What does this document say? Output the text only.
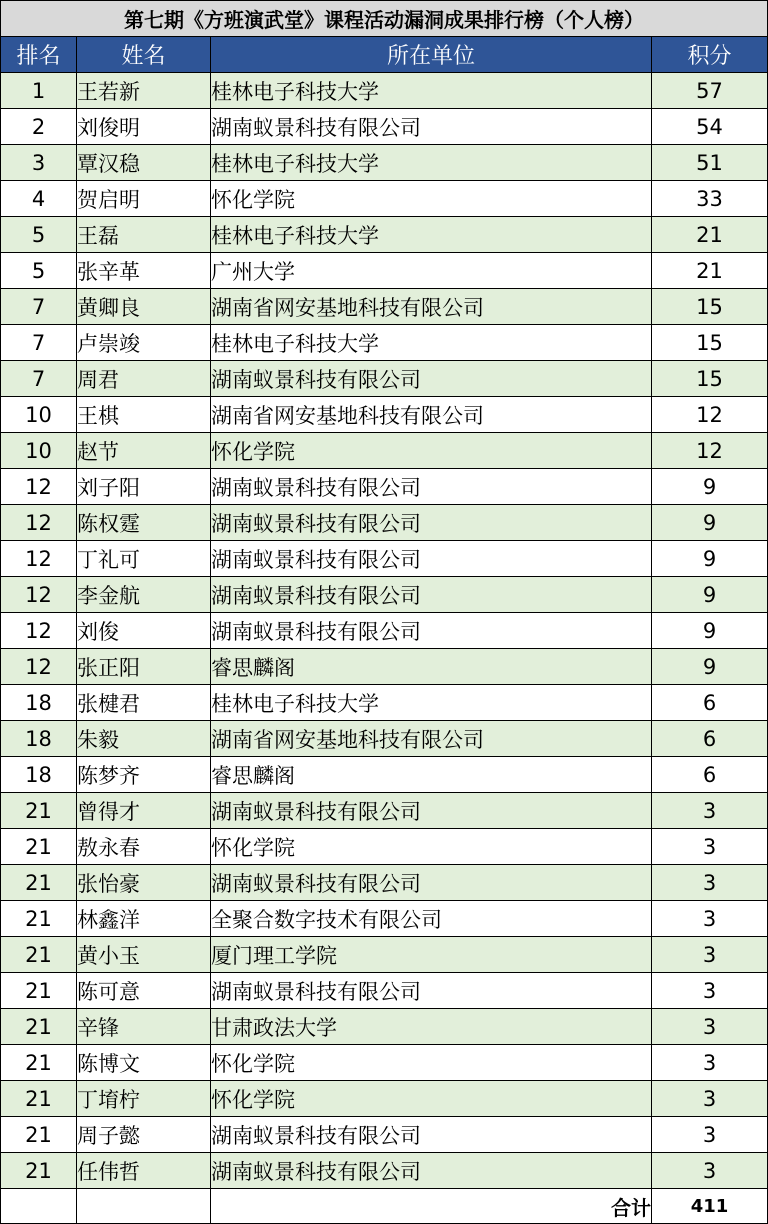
第七期《方班演武堂》课程活动漏洞成果排行榜（个人榜）			
排名	姓名	所在单位	积分
1	王若新	桂林电子科技大学	57
2	刘俊明	湖南蚁景科技有限公司	54
3	覃汉稳	桂林电子科技大学	51
4	贺启明	怀化学院	33
5	王磊	桂林电子科技大学	21
5	张辛革	广州大学	21
7	黄卿良	湖南省网安基地科技有限公司	15
7	卢崇竣	桂林电子科技大学	15
7	周君	湖南蚁景科技有限公司	15
10	王棋	湖南省网安基地科技有限公司	12
10	赵节	怀化学院	12
12	刘子阳	湖南蚁景科技有限公司	9
12	陈权霆	湖南蚁景科技有限公司	9
12	丁礼可	湖南蚁景科技有限公司	9
12	李金航	湖南蚁景科技有限公司	9
12	刘俊	湖南蚁景科技有限公司	9
12	张正阳	睿思麟阁	9
18	张楗君	桂林电子科技大学	6
18	朱毅	湖南省网安基地科技有限公司	6
18	陈梦齐	睿思麟阁	6
21	曾得才	湖南蚁景科技有限公司	3
21	敖永春	怀化学院	3
21	张怡豪	湖南蚁景科技有限公司	3
21	林鑫洋	全聚合数字技术有限公司	3
21	黄小玉	厦门理工学院	3
21	陈可意	湖南蚁景科技有限公司	3
21	辛锋	甘肃政法大学	3
21	陈博文	怀化学院	3
21	丁堉柠	怀化学院	3
21	周子懿	湖南蚁景科技有限公司	3
21	任伟哲	湖南蚁景科技有限公司	3
		合计	411
